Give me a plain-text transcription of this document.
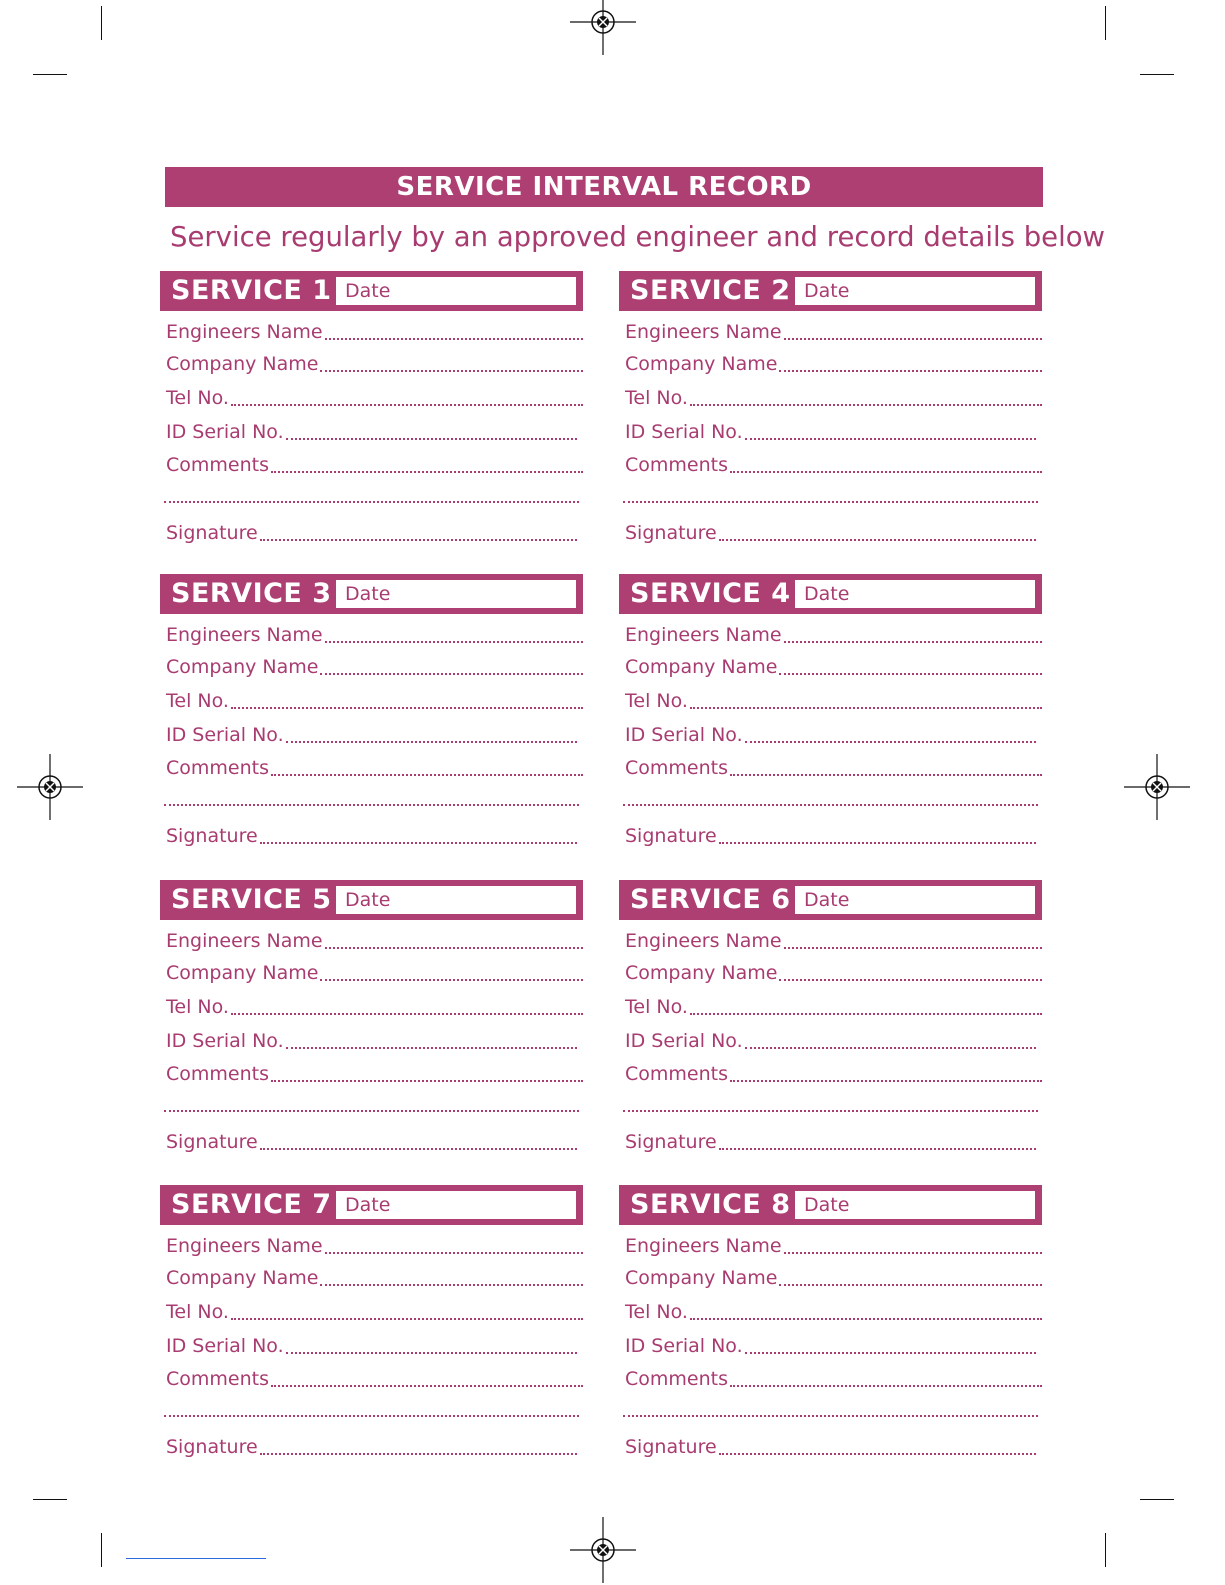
SERVICE INTERVAL RECORD
Service regularly by an approved engineer and record details below
SERVICE 1 Date
Engineers Name
Company Name
Tel No.
ID Serial No.
Comments
Signature
SERVICE 2 Date
Engineers Name
Company Name
Tel No.
ID Serial No.
Comments
Signature
SERVICE 3 Date
Engineers Name
Company Name
Tel No.
ID Serial No.
Comments
Signature
SERVICE 4 Date
Engineers Name
Company Name
Tel No.
ID Serial No.
Comments
Signature
SERVICE 5 Date
Engineers Name
Company Name
Tel No.
ID Serial No.
Comments
Signature
SERVICE 6 Date
Engineers Name
Company Name
Tel No.
ID Serial No.
Comments
Signature
SERVICE 7 Date
Engineers Name
Company Name
Tel No.
ID Serial No.
Comments
Signature
SERVICE 8 Date
Engineers Name
Company Name
Tel No.
ID Serial No.
Comments
Signature
